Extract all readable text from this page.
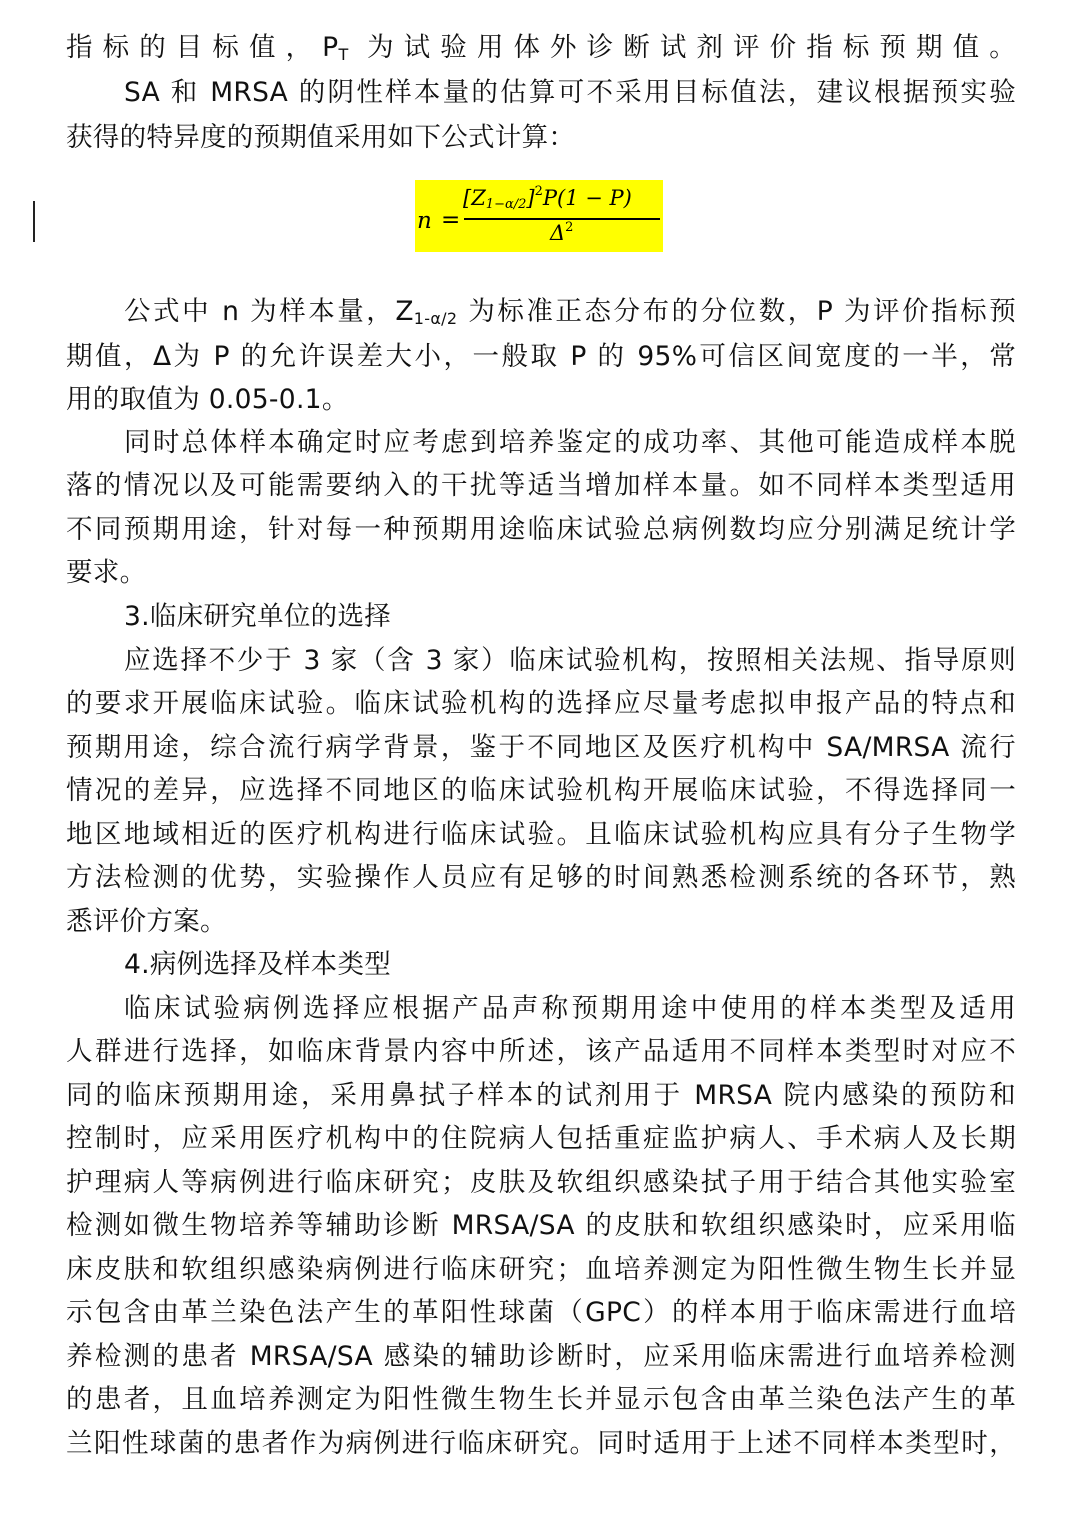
指标的目标值，$P_T$ 为试验用体外诊断试剂评价指标预期值。
SA 和 MRSA 的阴性样本量的估算可不采用目标值法，建议根据预实验
获得的特异度的预期值采用如下公式计算：
n =
$[Z_{1-\alpha/2}]^2P(1 - P)$
$\Delta^2$
公式中 n 为样本量，$Z_{1-\alpha/2}$ 为标准正态分布的分位数，P 为评价指标预
期值，Δ为 P 的允许误差大小，一般取 P 的 95%可信区间宽度的一半，常
用的取值为 0.05-0.1。
同时总体样本确定时应考虑到培养鉴定的成功率、其他可能造成样本脱
落的情况以及可能需要纳入的干扰等适当增加样本量。如不同样本类型适用
不同预期用途，针对每一种预期用途临床试验总病例数均应分别满足统计学
要求。
3.临床研究单位的选择
应选择不少于 3 家（含 3 家）临床试验机构，按照相关法规、指导原则
的要求开展临床试验。临床试验机构的选择应尽量考虑拟申报产品的特点和
预期用途，综合流行病学背景，鉴于不同地区及医疗机构中 SA/MRSA 流行
情况的差异，应选择不同地区的临床试验机构开展临床试验，不得选择同一
地区地域相近的医疗机构进行临床试验。且临床试验机构应具有分子生物学
方法检测的优势，实验操作人员应有足够的时间熟悉检测系统的各环节，熟
悉评价方案。
4.病例选择及样本类型
临床试验病例选择应根据产品声称预期用途中使用的样本类型及适用
人群进行选择，如临床背景内容中所述，该产品适用不同样本类型时对应不
同的临床预期用途，采用鼻拭子样本的试剂用于 MRSA 院内感染的预防和
控制时，应采用医疗机构中的住院病人包括重症监护病人、手术病人及长期
护理病人等病例进行临床研究；皮肤及软组织感染拭子用于结合其他实验室
检测如微生物培养等辅助诊断 MRSA/SA 的皮肤和软组织感染时，应采用临
床皮肤和软组织感染病例进行临床研究；血培养测定为阳性微生物生长并显
示包含由革兰染色法产生的革阳性球菌（GPC）的样本用于临床需进行血培
养检测的患者 MRSA/SA 感染的辅助诊断时，应采用临床需进行血培养检测
的患者，且血培养测定为阳性微生物生长并显示包含由革兰染色法产生的革
兰阳性球菌的患者作为病例进行临床研究。同时适用于上述不同样本类型时，
